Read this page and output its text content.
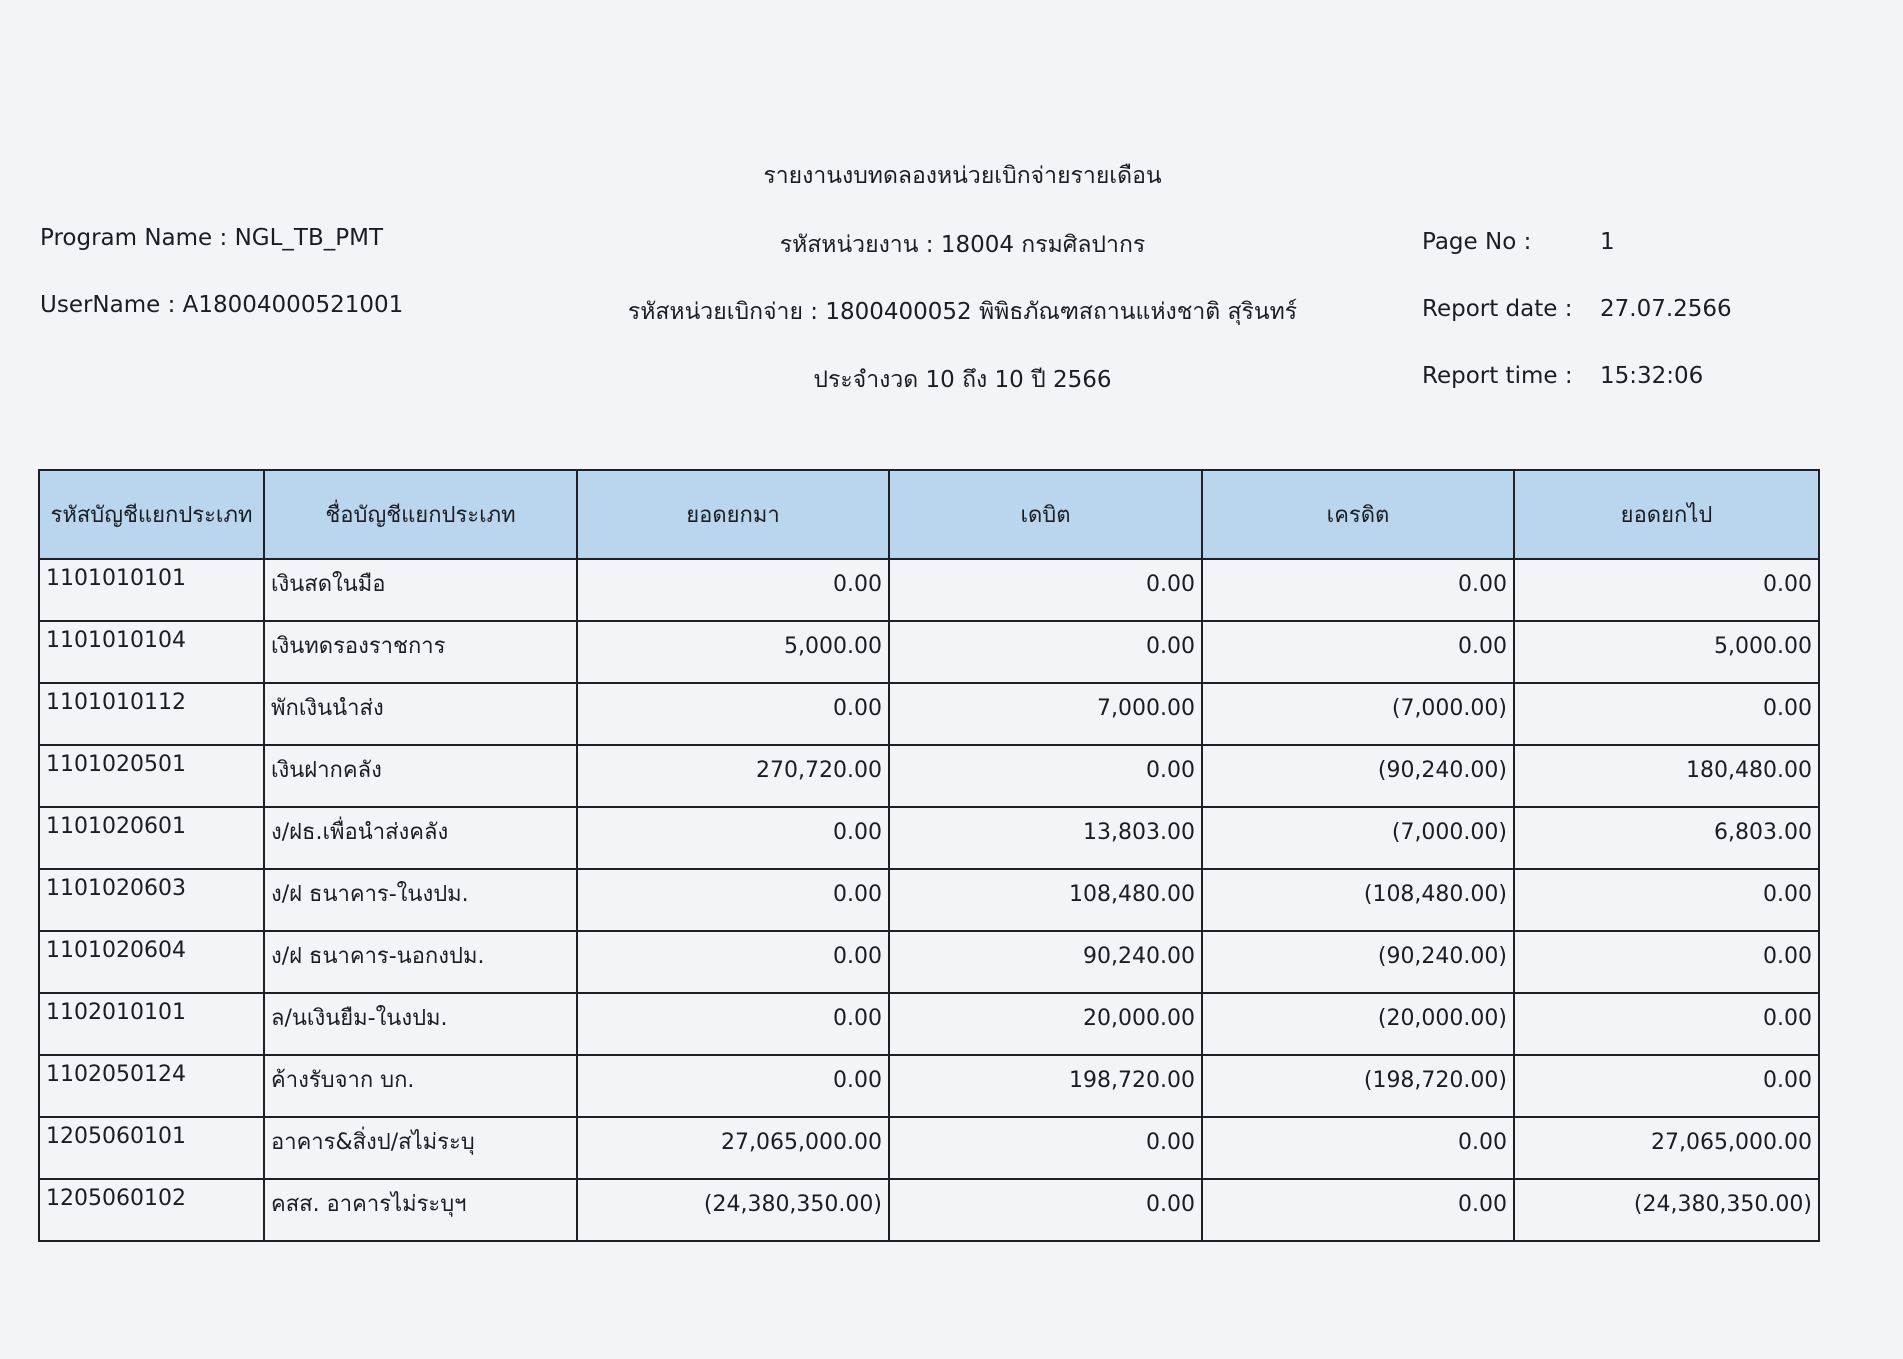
รายงานงบทดลองหน่วยเบิกจ่ายรายเดือน
Program Name : NGL_TB_PMT	รหัสหน่วยงาน : 18004 กรมศิลปากร	Page No :	1
UserName : A18004000521001	รหัสหน่วยเบิกจ่าย : 1800400052 พิพิธภัณฑสถานแห่งชาติ สุรินทร์	Report date : 27.07.2566
ประจำงวด 10 ถึง 10 ปี 2566	Report time : 15:32:06
รหัสบัญชีแยกประเภท	ชื่อบัญชีแยกประเภท	ยอดยกมา	เดบิต	เครดิต	ยอดยกไป
1101010101	เงินสดในมือ	0.00	0.00	0.00	0.00
1101010104	เงินทดรองราชการ	5,000.00	0.00	0.00	5,000.00
1101010112	พักเงินนำส่ง	0.00	7,000.00	(7,000.00)	0.00
1101020501	เงินฝากคลัง	270,720.00	0.00	(90,240.00)	180,480.00
1101020601	ง/ฝธ.เพื่อนำส่งคลัง	0.00	13,803.00	(7,000.00)	6,803.00
1101020603	ง/ฝ ธนาคาร-ในงปม.	0.00	108,480.00	(108,480.00)	0.00
1101020604	ง/ฝ ธนาคาร-นอกงปม.	0.00	90,240.00	(90,240.00)	0.00
1102010101	ล/นเงินยืม-ในงปม.	0.00	20,000.00	(20,000.00)	0.00
1102050124	ค้างรับจาก บก.	0.00	198,720.00	(198,720.00)	0.00
1205060101	อาคาร&สิ่งป/สไม่ระบุ	27,065,000.00	0.00	0.00	27,065,000.00
1205060102	คสส. อาคารไม่ระบุฯ	(24,380,350.00)	0.00	0.00	(24,380,350.00)
